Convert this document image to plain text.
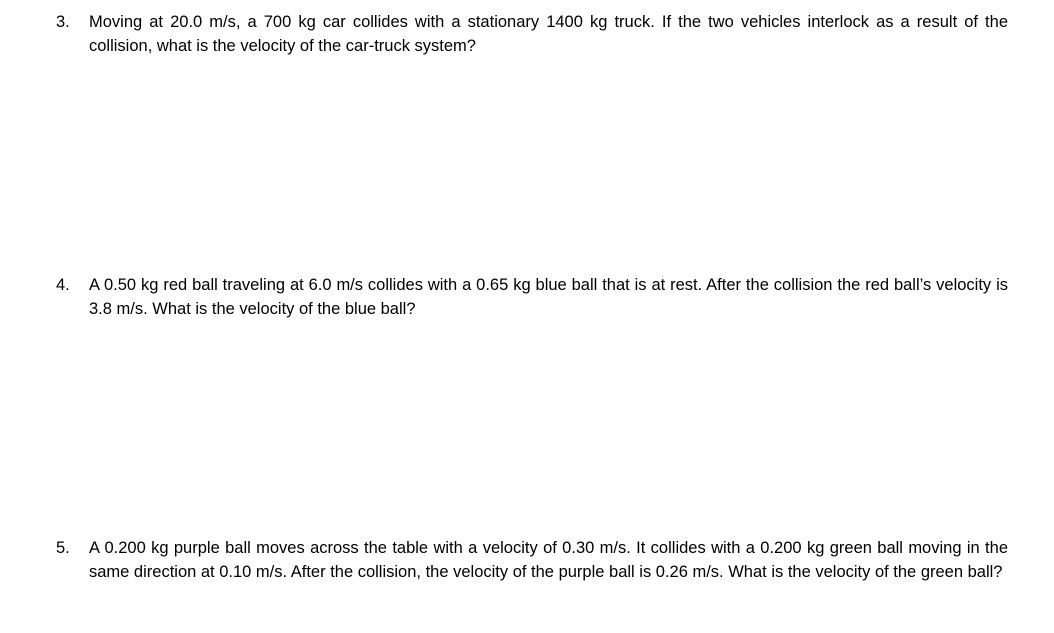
3.	Moving at 20.0 m/s, a 700 kg car collides with a stationary 1400 kg truck. If the two vehicles interlock as a result of the collision, what is the velocity of the car-truck system?
4.	A 0.50 kg red ball traveling at 6.0 m/s collides with a 0.65 kg blue ball that is at rest. After the collision the red ball’s velocity is 3.8 m/s. What is the velocity of the blue ball?
5.	A 0.200 kg purple ball moves across the table with a velocity of 0.30 m/s. It collides with a 0.200 kg green ball moving in the same direction at 0.10 m/s. After the collision, the velocity of the purple ball is 0.26 m/s. What is the velocity of the green ball?
